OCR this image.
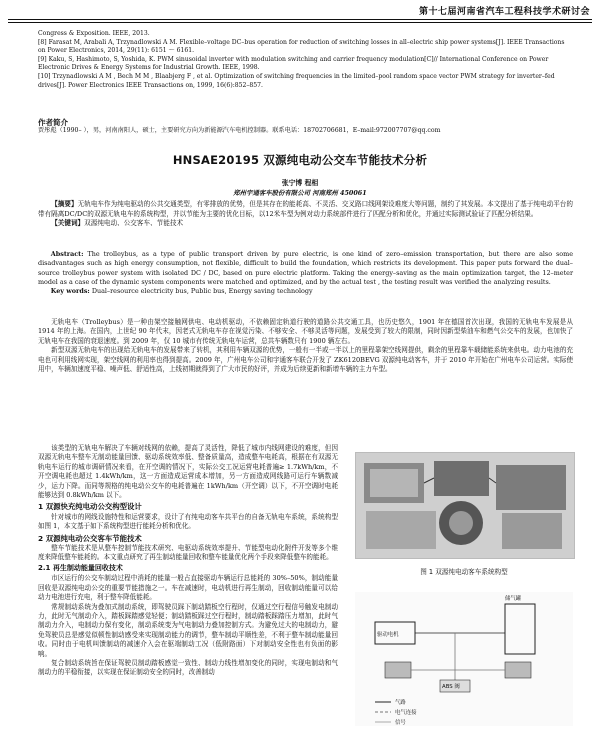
第十七届河南省汽车工程科技学术研讨会

Congress & Exposition. IEEE, 2013.

[8] Farasat M, Arabali A, Trzynadlowski A M. Flexible–voltage DC–bus operation for reduction of switching losses in all–electric ship power systems[J]. IEEE Transactions on Power Electronics, 2014, 29(11): 6151 ～ 6161.

[9] Kaku, S, Hashimoto, S, Yoshida, K. PWM sinusoidal inverter with modulation switching and carrier frequency modulation[C]// International Conference on Power Electronic Drives & Energy Systems for Industrial Growth. IEEE, 1998.

[10] Trzynadlowski A M , Bech M M , Blaabjerg F , et al. Optimization of switching frequencies in the limited–pool random space vector PWM strategy for inverter–fed drives[J]. Power Electronics IEEE Transactions on, 1999, 16(6):852–857.

作者简介
贾彤彪（1990– ），男，河南南阳人，硕士，主要研究方向为新能源汽车电机控制器。联系电话：18702706681，E–mail:972007707@qq.com
HNSAE20195 双源纯电动公交车节能技术分析
张宁博 程相
郑州宇通客车股份有限公司 河南郑州 450061

【摘要】无轨电车作为纯电驱动的公共交通类型，有零排放的优势，但是其存在的能耗高、不灵活、交叉路口线网架设难度大等问题，制约了其发展。本文提出了基于纯电动平台的带有隔离DC/DC的双源无轨电车的系统构型，并以节能为主要的优化目标，以12米车型为例对动力系统部件进行了匹配分析和优化，并通过实际测试验证了匹配分析结果。

【关键词】双源纯电动、公交客车、节能技术

Abstract: The trolleybus, as a type of public transport driven by pure electric, is one kind of zero–emission transportation, but there are also some disadvantages such as high energy consumption, not flexible, difficult to build the foundation, which restricts its development. This paper puts forward the dual–source trolleybus power system with isolated DC / DC, based on pure electric platform. Taking the energy–saving as the main optimization target, the 12–meter model as a case of the dynamic system components were matched and optimized, and by the actual test , the testing result was verified the analyzing results.

Key words: Dual–resource electricity bus, Public bus, Energy saving technology

无轨电车（Trolleybus）是一种由架空接触网供电、电动机驱动，不依赖固定轨道行驶的道路公共交通工具，也历史悠久，1901 年在德国首次出现，我国的无轨电车发展是从 1914 年的上海。在国内，上世纪 90 年代末，因老式无轨电车存在视觉污染、不够安全、不够灵活等问题，发展受到了较大的限制，同时因新型柴油车和燃气公交车的发展，也加快了无轨电车在我国的衰退速度。到 2009 年，仅 10 城市有传统无轨电车运营，总共车辆数只有 1900 辆左右。

新型双源无轨电车的出现给无轨电车的发展带来了转机，其利用车辆双源的优势，一般有一半或一半以上的里程靠架空线网提供，剩余的里程靠车载储能系统来供电。动力电池的充电也可利用线网实现，架空线网的利用率也得到提高。2009 年，广州电车公司和宇通客车联合开发了 ZK6120BEVG 双源纯电动客车，并于 2010 年开始在广州电车公司运营。实际使用中，车辆加速度平稳、噪声低、舒适性高，上线初期就得到了广大市民的好评，并成为后续更新和新增车辆的主力车型。

该类型的无轨电车解决了车辆对线网的依赖，提高了灵活性，降低了城市内线网建设的难度，但因双源无轨电车整车无制动能量回馈、驱动系统效率低、整备质量高，造成整车电耗高，根据在有双源无轨电车运行的城市调研情况来看，在开空调的情况下，实际公交工况运营电耗普遍≥ 1.7kWh/km，不开空调电耗也超过 1.4kWh/km，这一方面造成运营成本增加，另一方面造成网线路可运行车辆数减少，运力下降。而同等规格的纯电动公交车的电耗普遍在 1kWh/km（开空调）以下，不开空调时电耗能够达到 0.8kWh/km 以下。

1 双源快充纯电动公交构型设计

针对城市的网线设施特性和运营要求，设计了有纯电动客车共平台的自备无轨电车系统，系统构型如图 1，本文基于如下系统构型进行能耗分析和优化。

2 双源纯电动公交客车节能技术

整车节能技术是从整车控制节能技术研究、电驱动系统效率提升、节能型电动化附件开发等多个维度来降低整车能耗的。本文重点研究了再生制动能量回收和整车能量优化两个手段来降低整车的能耗。

2.1 再生制动能量回收技术

市区运行的公交车制动过程中消耗的能量一般占直接驱动车辆运行总能耗的 30%–50%，制动能量回收是双源纯电动公交的重要节能措施之一。车在减速时，电动机进行再生制动，回收制动能量可以给动力电池进行充电，利于整车降低能耗。

常规制动系统为叠加式制动系统，即驾驶员踩下制动踏板空行程时，仅通过空行程信号触发电制动力，此时无气制动介入，踏板踩踏感觉轻便；制动踏板踩过空行程时，制动踏板踩踏压力增加，此时气制动力介入，电制动力保有变化，制动系统变为气电制动力叠加控制方式。为避免过大的电制动力，避免驾驶员总是感觉似顿性制动感受来实现制动能力的调节，整车制动平顺性差，不利于整车制动能量回收。同时由于电机叫馈制动的减速介入会在驱端制动工况（低附路面）下对制动安全性也有负面的影响。

复合制动系统旨在保证驾驶员制动踏板感觉一致性、制动力线性增加变化的同时，实现电制动和气制动力的平稳衔接，以实现在保证制动安全的同时，改善制动

图 1 双源纯电动客车系统构型
储气罐
驱动电机
ABS 阀
气路
电气连接
信号
